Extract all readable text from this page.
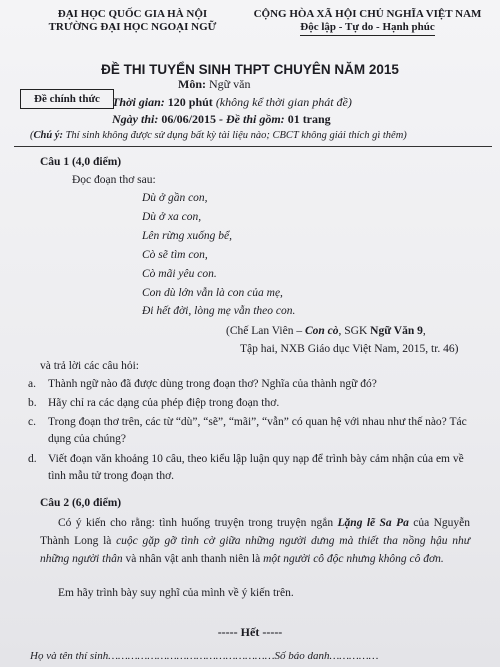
ĐẠI HỌC QUỐC GIA HÀ NỘI
TRƯỜNG ĐẠI HỌC NGOẠI NGỮ
CỘNG HÒA XÃ HỘI CHỦ NGHĨA VIỆT NAM
Độc lập - Tự do - Hạnh phúc
ĐỀ THI TUYỂN SINH THPT CHUYÊN NĂM 2015
Đề chính thức
Môn: Ngữ văn
Thời gian: 120 phút (không kể thời gian phát đề)
Ngày thi: 06/06/2015 - Đề thi gồm: 01 trang
(Chú ý: Thí sinh không được sử dụng bất kỳ tài liệu nào; CBCT không giải thích gì thêm)
Câu 1 (4,0 điểm)
Đọc đoạn thơ sau:
Dù ở gần con,
Dù ở xa con,
Lên rừng xuống bể,
Cò sẽ tìm con,
Cò mãi yêu con.
Con dù lớn vẫn là con của mẹ,
Đi hết đời, lòng mẹ vẫn theo con.
(Chế Lan Viên – Con cò, SGK Ngữ Văn 9,
Tập hai, NXB Giáo dục Việt Nam, 2015, tr. 46)
và trả lời các câu hỏi:
a. Thành ngữ nào đã được dùng trong đoạn thơ? Nghĩa của thành ngữ đó?
b. Hãy chỉ ra các dạng của phép điệp trong đoạn thơ.
c. Trong đoạn thơ trên, các từ “dù”, “sẽ”, “mãi”, “vẫn” có quan hệ với nhau như thế nào? Tác dụng của chúng?
d. Viết đoạn văn khoảng 10 câu, theo kiểu lập luận quy nạp để trình bày cảm nhận của em về tình mẫu tử trong đoạn thơ.
Câu 2 (6,0 điểm)
Có ý kiến cho rằng: tình huống truyện trong truyện ngắn Lặng lẽ Sa Pa của Nguyễn Thành Long là cuộc gặp gỡ tình cờ giữa những người dưng mà thiết tha nồng hậu như những người thân và nhân vật anh thanh niên là một người cô độc nhưng không cô đơn.
Em hãy trình bày suy nghĩ của mình về ý kiến trên.
----- Hết -----
Họ và tên thí sinh……………………………………………Số báo danh……………
